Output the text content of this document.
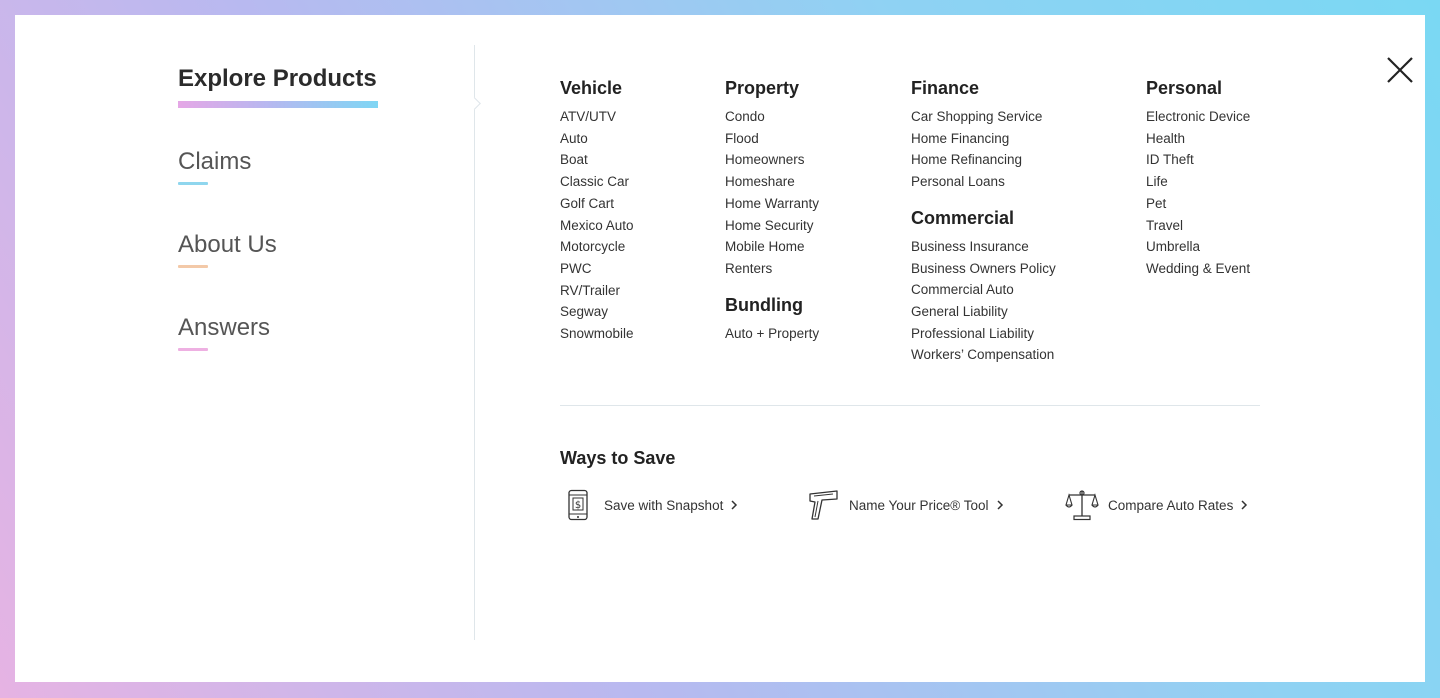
Explore Products
Claims
About Us
Answers
Vehicle
ATV/UTV
Auto
Boat
Classic Car
Golf Cart
Mexico Auto
Motorcycle
PWC
RV/Trailer
Segway
Snowmobile
Property
Condo
Flood
Homeowners
Homeshare
Home Warranty
Home Security
Mobile Home
Renters
Bundling
Auto + Property
Finance
Car Shopping Service
Home Financing
Home Refinancing
Personal Loans
Commercial
Business Insurance
Business Owners Policy
Commercial Auto
General Liability
Professional Liability
Workers’ Compensation
Personal
Electronic Device
Health
ID Theft
Life
Pet
Travel
Umbrella
Wedding & Event
Ways to Save
$ Save with Snapshot	Name Your Price® Tool	Compare Auto Rates
